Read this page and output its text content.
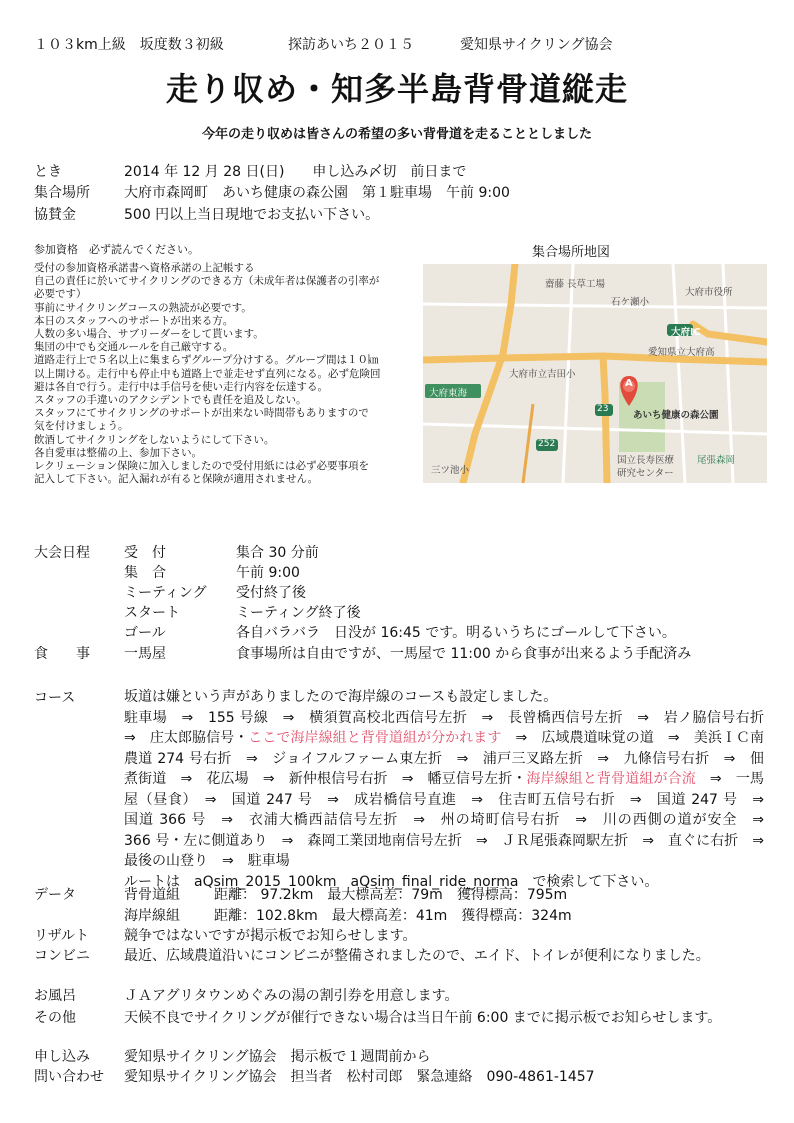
１０３km上級　坂度数３初級	探訪あいち２０１５	愛知県サイクリング協会
走り収め・知多半島背骨道縦走
今年の走り収めは皆さんの希望の多い背骨道を走ることとしました
とき	2014 年 12 月 28 日(日)　　申し込み〆切　前日まで
集合場所 大府市森岡町　あいち健康の森公園　第１駐車場　午前 9:00
協賛金	500 円以上当日現地でお支払い下さい。
参加資格　必ず読んでください。
受付の参加資格承諾書へ資格承諾の上記帳する
自己の責任に於いてサイクリングのできる方（未成年者は保護者の引率が
必要です）
事前にサイクリングコースの熟読が必要です。
本日のスタッフへのサポートが出来る方。
人数の多い場合、サブリーダーをして貰います。
集団の中でも交通ルールを自己厳守する。
道路走行上で５名以上に集まらずグループ分けする。グループ間は１０㎞
以上開ける。走行中も停止中も道路上で並走せず直列になる。必ず危険回
避は各自で行う。走行中は手信号を使い走行内容を伝達する。
スタッフの手違いのアクシデントでも責任を追及しない。
スタッフにてサイクリングのサポートが出来ない時間帯もありますので
気を付けましょう。
飲酒してサイクリングをしないようにして下さい。
各自愛車は整備の上、参加下さい。
レクリェーション保険に加入しましたので受付用紙には必ず必要事項を
記入して下さい。記入漏れが有ると保険が適用されません。
集合場所地図
齋藤 長草工場
石ケ瀬小
大府市役所
大府IC
愛知県立大府高
大府市立吉田小
大府東海
あいち健康の森公園
国立長寿医療
研究センター
三ツ池小
尾張森岡
23
252
A
大会日程 受　付	集合 30 分前
集　合	午前 9:00
ミーティング 受付終了後
スタート	ミーティング終了後
ゴール	各自バラバラ　日没が 16:45 です。明るいうちにゴールして下さい。
食　　事 一馬屋	食事場所は自由ですが、一馬屋で 11:00 から食事が出来るよう手配済み
コース	坂道は嫌という声がありましたので海岸線のコースも設定しました。
駐車場　⇒　155 号線　⇒　横須賀高校北西信号左折　⇒　長曾橋西信号左折　⇒　岩ノ脇信号右折　⇒　庄太郎脇信号・ここで海岸線組と背骨道組が分かれます　⇒　広域農道味覚の道　⇒　美浜ＩＣ南農道 274 号右折　⇒　ジョイフルファーム東左折　⇒　浦戸三叉路左折　⇒　九條信号右折　⇒　佃煮街道　⇒　花広場　⇒　新仲根信号右折　⇒　幡豆信号左折・海岸線組と背骨道組が合流　⇒　一馬屋（昼食）　⇒　国道 247 号　⇒　成岩橋信号直進　⇒　住吉町五信号右折　⇒　国道 247 号　⇒　国道 366 号　⇒　衣浦大橋西詰信号左折　⇒　州の埼町信号右折　⇒　川の西側の道が安全　⇒　366 号・左に側道あり　⇒　森岡工業団地南信号左折　⇒　ＪＲ尾張森岡駅左折　⇒　直ぐに右折　⇒　最後の山登り　⇒　駐車場
ルートは　aQsim_2015_100km　aQsim_final_ride_norma　で検索して下さい。
データ	背骨道組 距離： 97.2km　最大標高差：79m　獲得標高：795m
海岸線組 距離：102.8km　最大標高差：41m　獲得標高：324m
リザルト 競争ではないですが掲示板でお知らせします。
コンビニ 最近、広域農道沿いにコンビニが整備されましたので、エイド、トイレが便利になりました。
お風呂	ＪＡアグリタウンめぐみの湯の割引券を用意します。
その他	天候不良でサイクリングが催行できない場合は当日午前 6:00 までに掲示板でお知らせします。
申し込み 愛知県サイクリング協会　掲示板で１週間前から
問い合わせ 愛知県サイクリング協会　担当者　松村司郎　緊急連絡　090-4861-1457
